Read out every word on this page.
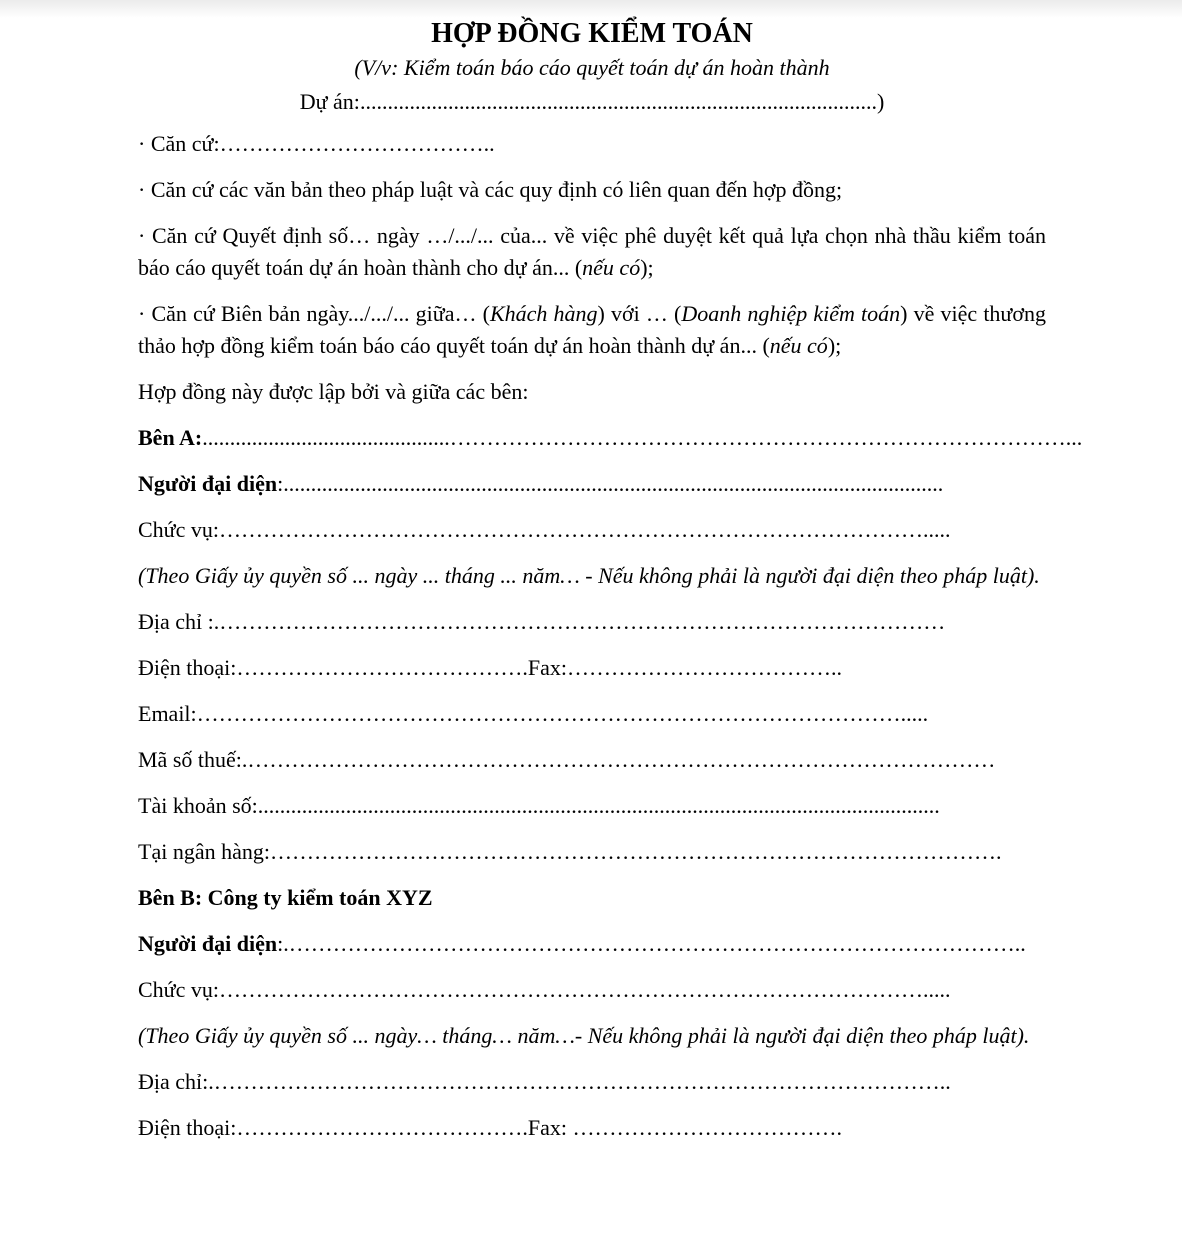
HỢP ĐỒNG KIỂM TOÁN

(V/v: Kiểm toán báo cáo quyết toán dự án hoàn thành

Dự án:..............................................................................................)

· Căn cứ:………………………………..

· Căn cứ các văn bản theo pháp luật và các quy định có liên quan đến hợp đồng;

· Căn cứ Quyết định số… ngày …/.../... của... về việc phê duyệt kết quả lựa chọn nhà thầu kiểm toán báo cáo quyết toán dự án hoàn thành cho dự án... (nếu có);

· Căn cứ Biên bản ngày.../.../... giữa… (Khách hàng) với … (Doanh nghiệp kiểm toán) về việc thương thảo hợp đồng kiểm toán báo cáo quyết toán dự án hoàn thành dự án... (nếu có);

Hợp đồng này được lập bởi và giữa các bên:

Bên A:.............................................…………………………………………………………………………...

Người đại diện:........................................................................................................................

Chức vụ:…………………………………………………………………………………….....

(Theo Giấy ủy quyền số ... ngày ... tháng ... năm… - Nếu không phải là người đại diện theo pháp luật).

Địa chỉ :.………………………………………………………………………………………

Điện thoại:………………………………….Fax:………………………………..

Email:…………………………………………………………………………………….....

Mã số thuế:.…………………………………………………………………………………………

Tài khoản số:............................................................................................................................

Tại ngân hàng:……………………………………………………………………………………….

Bên B: Công ty kiểm toán XYZ

Người đại diện:.………………………………………………………………………………………..

Chức vụ:…………………………………………………………………………………….....

(Theo Giấy ủy quyền số ... ngày… tháng… năm…- Nếu không phải là người đại diện theo pháp luật).

Địa chỉ:.………………………………………………………………………………………..

Điện thoại:………………………………….Fax: ……………………………….
